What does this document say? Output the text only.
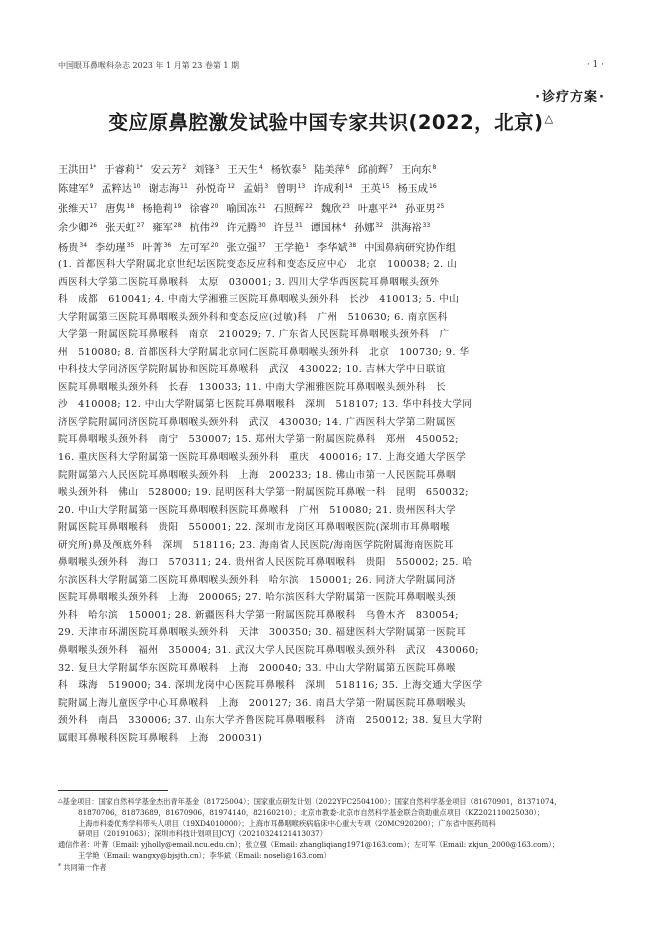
中国眼耳鼻喉科杂志 2023 年 1 月第 23 卷第 1 期	· 1 ·
·诊疗方案·
变应原鼻腔激发试验中国专家共识(2022，北京)△
王洪田$^{1*}$ 于睿莉$^{1*}$ 安云芳$^2$ 刘锋$^3$ 王天生$^4$ 杨钦泰$^5$ 陆美萍$^6$ 邱前辉$^7$ 王向东$^8$
陈建军$^9$ 孟粹达$^{10}$ 谢志海$^{11}$ 孙悦奇$^{12}$ 孟娟$^3$ 曾明$^{13}$ 许成利$^{14}$ 王英$^{15}$ 杨玉成$^{16}$
张维天$^{17}$ 唐隽$^{18}$ 杨艳莉$^{19}$ 徐睿$^{20}$ 喻国冻$^{21}$ 石照辉$^{22}$ 魏欣$^{23}$ 叶惠平$^{24}$ 孙亚男$^{25}$
余少卿$^{26}$ 张天虹$^{27}$ 雍军$^{28}$ 杭伟$^{29}$ 许元腾$^{30}$ 许昱$^{31}$ 谭国林$^4$ 孙娜$^{32}$ 洪海裕$^{33}$
杨贵$^{34}$ 李幼瑾$^{35}$ 叶菁$^{36}$ 左可军$^{20}$ 张立强$^{37}$ 王学艳$^1$ 李华斌$^{38}$ 中国鼻病研究协作组
(1. 首都医科大学附属北京世纪坛医院变态反应科和变态反应中心　北京　100038; 2. 山
西医科大学第二医院耳鼻喉科　太原　030001; 3. 四川大学华西医院耳鼻咽喉头颈外
科　成都　610041; 4. 中南大学湘雅三医院耳鼻咽喉头颈外科　长沙　410013; 5. 中山
大学附属第三医院耳鼻咽喉头颈外科和变态反应(过敏)科　广州　510630; 6. 南京医科
大学第一附属医院耳鼻喉科　南京　210029; 7. 广东省人民医院耳鼻咽喉头颈外科　广
州　510080; 8. 首都医科大学附属北京同仁医院耳鼻咽喉头颈外科　北京　100730; 9. 华
中科技大学同济医学院附属协和医院耳鼻喉科　武汉　430022; 10. 吉林大学中日联谊
医院耳鼻咽喉头颈外科　长春　130033; 11. 中南大学湘雅医院耳鼻咽喉头颈外科　长
沙　410008; 12. 中山大学附属第七医院耳鼻咽喉科　深圳　518107; 13. 华中科技大学同
济医学院附属同济医院耳鼻咽喉头颈外科　武汉　430030; 14. 广西医科大学第二附属医
院耳鼻咽喉头颈外科　南宁　530007; 15. 郑州大学第一附属医院鼻科　郑州　450052;
16. 重庆医科大学附属第一医院耳鼻咽喉头颈外科　重庆　400016; 17. 上海交通大学医学
院附属第六人民医院耳鼻咽喉头颈外科　上海　200233; 18. 佛山市第一人民医院耳鼻咽
喉头颈外科　佛山　528000; 19. 昆明医科大学第一附属医院耳鼻喉一科　昆明　650032;
20. 中山大学附属第一医院耳鼻咽喉科医院耳鼻喉科　广州　510080; 21. 贵州医科大学
附属医院耳鼻咽喉科　贵阳　550001; 22. 深圳市龙岗区耳鼻咽喉医院(深圳市耳鼻咽喉
研究所)鼻及颅底外科　深圳　518116; 23. 海南省人民医院/海南医学院附属海南医院耳
鼻咽喉头颈外科　海口　570311; 24. 贵州省人民医院耳鼻咽喉科　贵阳　550002; 25. 哈
尔滨医科大学附属第二医院耳鼻咽喉头颈外科　哈尔滨　150001; 26. 同济大学附属同济
医院耳鼻咽喉头颈外科　上海　200065; 27. 哈尔滨医科大学附属第一医院耳鼻咽喉头颈
外科　哈尔滨　150001; 28. 新疆医科大学第一附属医院耳鼻喉科　乌鲁木齐　830054;
29. 天津市环湖医院耳鼻咽喉头颈外科　天津　300350; 30. 福建医科大学附属第一医院耳
鼻咽喉头颈外科　福州　350004; 31. 武汉大学人民医院耳鼻咽喉头颈外科　武汉　430060;
32. 复旦大学附属华东医院耳鼻喉科　上海　200040; 33. 中山大学附属第五医院耳鼻喉
科　珠海　519000; 34. 深圳龙岗中心医院耳鼻喉科　深圳　518116; 35. 上海交通大学医学
院附属上海儿童医学中心耳鼻喉科　上海　200127; 36. 南昌大学第一附属医院耳鼻咽喉头
颈外科　南昌　330006; 37. 山东大学齐鲁医院耳鼻咽喉科　济南　250012; 38. 复旦大学附
属眼耳鼻喉科医院耳鼻喉科　上海　200031)
△基金项目：国家自然科学基金杰出青年基金（81725004）；国家重点研发计划（2022YFC2504100）；国家自然科学基金项目（81670901，81371074，
81870706，81873689，81670906，81974140，82160210）；北京市教委-北京市自然科学基金联合资助重点项目（KZ202110025030）；
上海市科委优秀学科带头人项目（19XD4010000）；上海市耳鼻咽喉疾病临床中心重大专项（20MC920200）；广东省中医药局科
研项目（20191063）；深圳市科技计划项目JCYJ（20210324121413037）
通信作者：叶菁（Email: yjholly@email.ncu.edu.cn）；张立强（Email: zhangliqiang1971@163.com）；左可军（Email: zkjun_2000@163.com）；
王学艳（Email: wangxy@bjsjth.cn）；李华斌（Email: noseli@163.com）
* 共同第一作者
